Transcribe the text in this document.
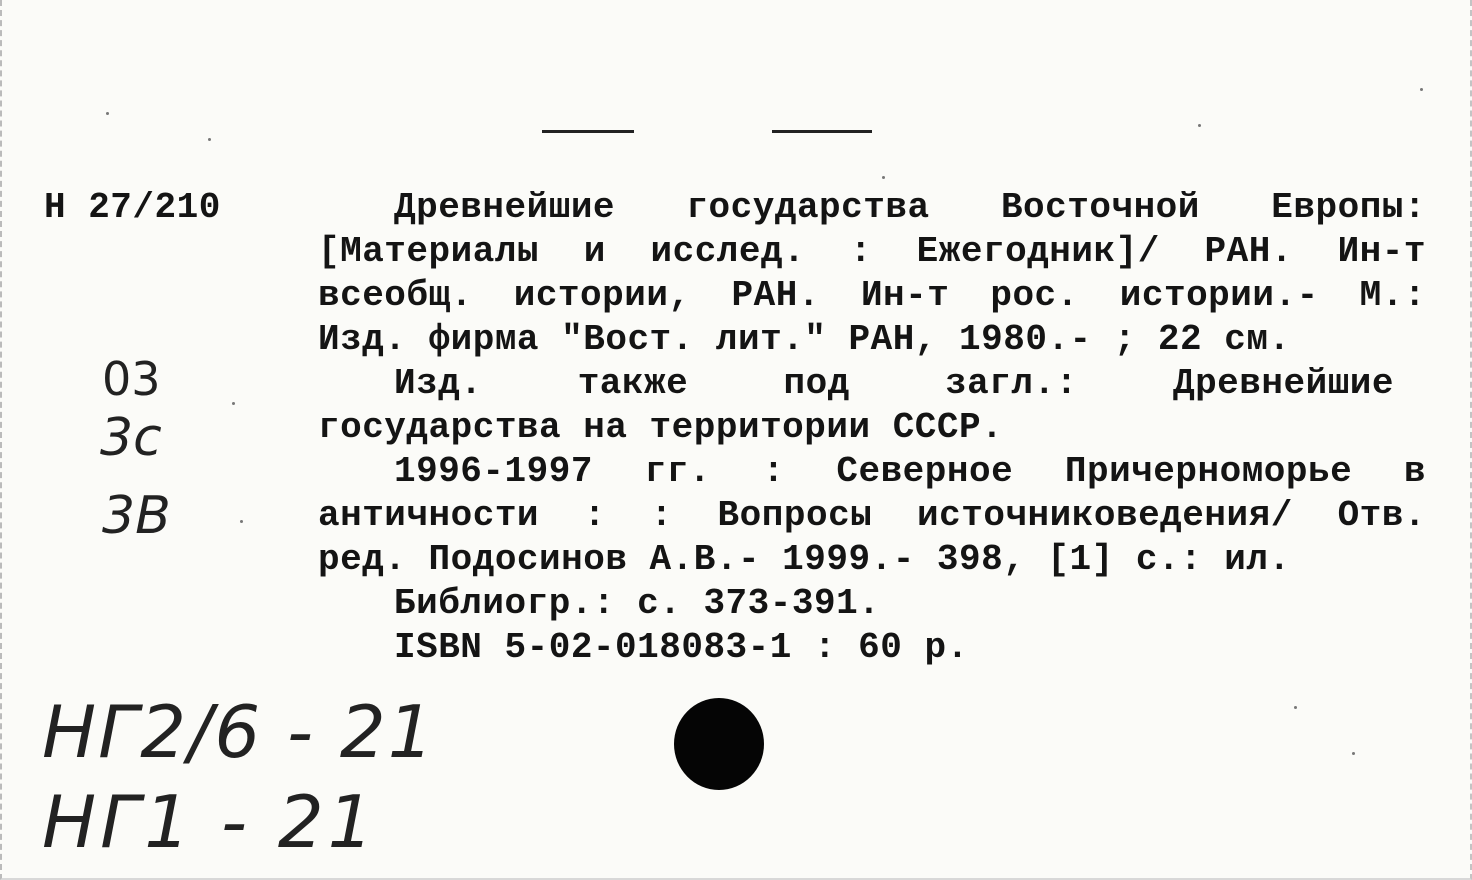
Н 27/210	Древнейшие государства Восточной Европы:
[Материалы и исслед. : Ежегодник]/ РАН. Ин-т
всеобщ. истории, РАН. Ин-т рос. истории.- М.:
Изд. фирма "Вост. лит." РАН, 1980.- ; 22 см.
Изд. также под загл.: Древнейшие
государства на территории СССР.
1996-1997 гг. : Северное Причерноморье в
античности : : Вопросы источниковедения/ Отв.
ред. Подосинов А.В.- 1999.- 398, [1] с.: ил.
Библиогр.: с. 373-391.
ISBN 5-02-018083-1 : 60 р.
03
3с
3В
НГ2/6 - 21
НГ1 - 21
